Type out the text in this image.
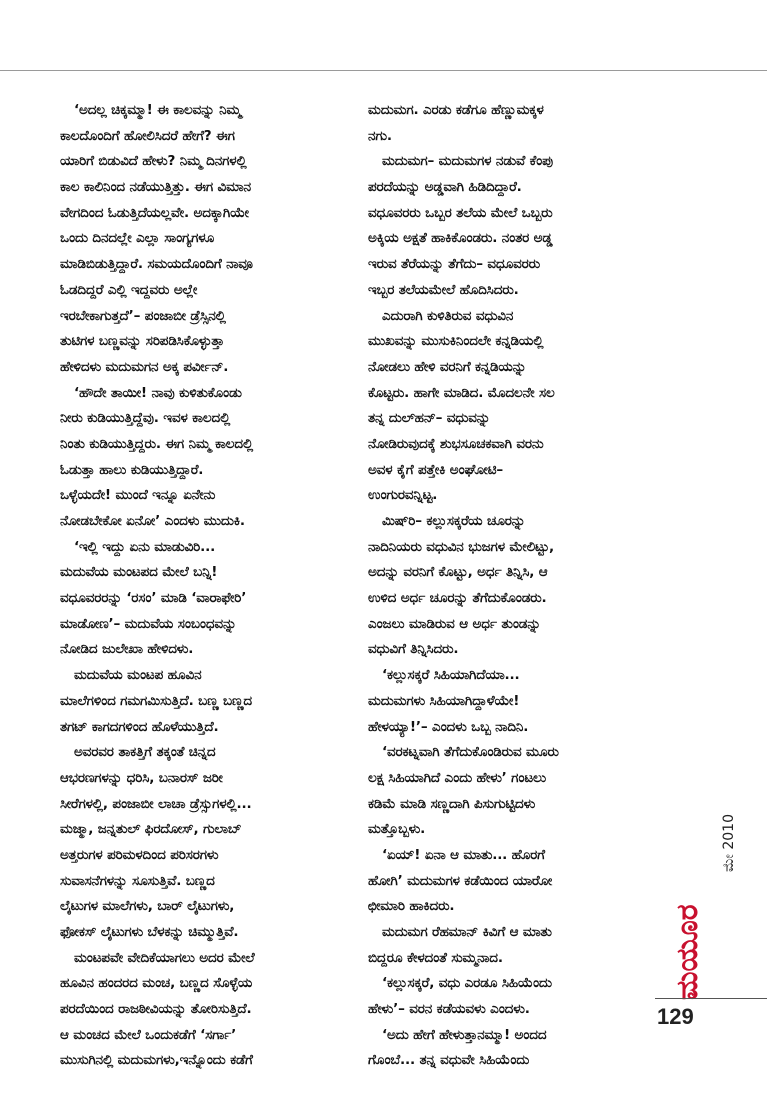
‘ಅದಲ್ಲ ಚಿಕ್ಕಮ್ಮಾ! ಈ ಕಾಲವನ್ನು ನಿಮ್ಮ
ಕಾಲದೊಂದಿಗೆ ಹೋಲಿಸಿದರೆ ಹೇಗೆ? ಈಗ
ಯಾರಿಗೆ ಬಿಡುವಿದೆ ಹೇಳು? ನಿಮ್ಮ ದಿನಗಳಲ್ಲಿ
ಕಾಲ ಕಾಲಿನಿಂದ ನಡೆಯುತ್ತಿತ್ತು. ಈಗ ವಿಮಾನ
ವೇಗದಿಂದ ಓಡುತ್ತಿದೆಯಲ್ಲವೇ. ಅದಕ್ಕಾಗಿಯೇ
ಒಂದು ದಿನದಲ್ಲೇ ಎಲ್ಲಾ ಸಾಂಗ್ಯಗಳೂ
ಮಾಡಿಬಿಡುತ್ತಿದ್ದಾರೆ. ಸಮಯದೊಂದಿಗೆ ನಾವೂ
ಓಡದಿದ್ದರೆ ಎಲ್ಲಿ ಇದ್ದವರು ಅಲ್ಲೇ
ಇರಬೇಕಾಗುತ್ತದೆ’– ಪಂಜಾಬೀ ಡ್ರೆಸ್ಸಿನಲ್ಲಿ
ತುಟಿಗಳ ಬಣ್ಣವನ್ನು ಸರಿಪಡಿಸಿಕೊಳ್ಳುತ್ತಾ
ಹೇಳಿದಳು ಮದುಮಗನ ಅಕ್ಕ ಪರ್ವೀನ್.
‘ಹೌದೇ ತಾಯೀ! ನಾವು ಕುಳಿತುಕೊಂಡು
ನೀರು ಕುಡಿಯುತ್ತಿದ್ದೆವು. ಇವಳ ಕಾಲದಲ್ಲಿ
ನಿಂತು ಕುಡಿಯುತ್ತಿದ್ದರು. ಈಗ ನಿಮ್ಮ ಕಾಲದಲ್ಲಿ
ಓಡುತ್ತಾ ಹಾಲು ಕುಡಿಯುತ್ತಿದ್ದಾರೆ.
ಒಳ್ಳೆಯದೇ! ಮುಂದೆ ಇನ್ನೂ ಏನೇನು
ನೋಡಬೇಕೋ ಏನೋ’ ಎಂದಳು ಮುದುಕಿ.
‘ಇಲ್ಲಿ ಇದ್ದು ಏನು ಮಾಡುವಿರಿ...
ಮದುವೆಯ ಮಂಟಪದ ಮೇಲೆ ಬನ್ನಿ!
ವಧೂವರರನ್ನು ‘ರಸಂ’ ಮಾಡಿ ‘ವಾರಾಫೇರಿ’
ಮಾಡೋಣ’– ಮದುವೆಯ ಸಂಬಂಧವನ್ನು
ನೋಡಿದ ಜುಲೇಖಾ ಹೇಳಿದಳು.
ಮದುವೆಯ ಮಂಟಪ ಹೂವಿನ
ಮಾಲೆಗಳಿಂದ ಗಮಗಮಿಸುತ್ತಿದೆ. ಬಣ್ಣ ಬಣ್ಣದ
ತಗಟ್ ಕಾಗದಗಳಿಂದ ಹೊಳೆಯುತ್ತಿದೆ.
ಅವರವರ ತಾಕತ್ತಿಗೆ ತಕ್ಕಂತೆ ಚಿನ್ನದ
ಆಭರಣಗಳನ್ನು ಧರಿಸಿ, ಬನಾರಸ್ ಜರೀ
ಸೀರೆಗಳಲ್ಲಿ, ಪಂಜಾಬೀ ಲಾಚಾ ಡ್ರೆಸ್ಸುಗಳಲ್ಲಿ...
ಮಜ್ಮಾ, ಜನ್ನತುಲ್ ಫಿರದೋಸ್, ಗುಲಾಬ್
ಅತ್ತರುಗಳ ಪರಿಮಳದಿಂದ ಪರಿಸರಗಳು
ಸುವಾಸನೆಗಳನ್ನು ಸೂಸುತ್ತಿವೆ. ಬಣ್ಣದ
ಲೈಟುಗಳ ಮಾಲೆಗಳು, ಬಾರ್ ಲೈಟುಗಳು,
ಫೋಕಸ್ ಲೈಟುಗಳು ಬೆಳಕನ್ನು ಚಿಮ್ಮುತ್ತಿವೆ.
ಮಂಟಪವೇ ವೇದಿಕೆಯಾಗಲು ಅದರ ಮೇಲೆ
ಹೂವಿನ ಹಂದರದ ಮಂಚ, ಬಣ್ಣದ ಸೊಳ್ಳೆಯ
ಪರದೆಯಿಂದ ರಾಜಠೀವಿಯನ್ನು ತೋರಿಸುತ್ತಿದೆ.
ಆ ಮಂಚದ ಮೇಲೆ ಒಂದುಕಡೆಗೆ ‘ಸರ್ಗಾ’
ಮುಸುಗಿನಲ್ಲಿ ಮದುಮಗಳು,ಇನ್ನೊಂದು ಕಡೆಗೆ
ಮದುಮಗ. ಎರಡು ಕಡೆಗೂ ಹೆಣ್ಣುಮಕ್ಕಳ
ನಗು.
ಮದುಮಗ– ಮದುಮಗಳ ನಡುವೆ ಕೆಂಪು
ಪರದೆಯನ್ನು ಅಡ್ಡವಾಗಿ ಹಿಡಿದಿದ್ದಾರೆ.
ವಧೂವರರು ಒಬ್ಬರ ತಲೆಯ ಮೇಲೆ ಒಬ್ಬರು
ಅಕ್ಕಿಯ ಅಕ್ಷತೆ ಹಾಕಿಕೊಂಡರು. ನಂತರ ಅಡ್ಡ
ಇರುವ ತೆರೆಯನ್ನು ತೆಗೆದು– ವಧೂವರರು
ಇಬ್ಬರ ತಲೆಯಮೇಲೆ ಹೊದಿಸಿದರು.
ಎದುರಾಗಿ ಕುಳಿತಿರುವ ವಧುವಿನ
ಮುಖವನ್ನು ಮುಸುಕಿನಿಂದಲೇ ಕನ್ನಡಿಯಲ್ಲಿ
ನೋಡಲು ಹೇಳಿ ವರನಿಗೆ ಕನ್ನಡಿಯನ್ನು
ಕೊಟ್ಟರು. ಹಾಗೇ ಮಾಡಿದ. ಮೊದಲನೇ ಸಲ
ತನ್ನ ದುಲ್‌ಹನ್– ವಧುವನ್ನು
ನೋಡಿರುವುದಕ್ಕೆ ಶುಭಸೂಚಕವಾಗಿ ವರನು
ಅವಳ ಕೈಗೆ ಪತ್ತೇಕಿ ಅಂಘೋಟಿ–
ಉಂಗುರವನ್ನಿಟ್ಟ.
ಮಿಷ್‌ರಿ– ಕಲ್ಲುಸಕ್ಕರೆಯ ಚೂರನ್ನು
ನಾದಿನಿಯರು ವಧುವಿನ ಭುಜಗಳ ಮೇಲಿಟ್ಟು,
ಅದನ್ನು ವರನಿಗೆ ಕೊಟ್ಟು, ಅರ್ಧ ತಿನ್ನಿಸಿ, ಆ
ಉಳಿದ ಅರ್ಧ ಚೂರನ್ನು ತೆಗೆದುಕೊಂಡರು.
ಎಂಜಲು ಮಾಡಿರುವ ಆ ಅರ್ಧ ತುಂಡನ್ನು
ವಧುವಿಗೆ ತಿನ್ನಿಸಿದರು.
‘ಕಲ್ಲುಸಕ್ಕರೆ ಸಿಹಿಯಾಗಿದೆಯಾ...
ಮದುಮಗಳು ಸಿಹಿಯಾಗಿದ್ದಾಳೆಯೇ!
ಹೇಳಯ್ಯಾ!’– ಎಂದಳು ಒಬ್ಬ ನಾದಿನಿ.
‘ವರಕಟ್ನವಾಗಿ ತೆಗೆದುಕೊಂಡಿರುವ ಮೂರು
ಲಕ್ಷ ಸಿಹಿಯಾಗಿದೆ ಎಂದು ಹೇಳು’ ಗಂಟಲು
ಕಡಿಮೆ ಮಾಡಿ ಸಣ್ಣದಾಗಿ ಪಿಸುಗುಟ್ಟಿದಳು
ಮತ್ತೊಬ್ಬಳು.
‘ಏಯ್! ಏನಾ ಆ ಮಾತು... ಹೊರಗೆ
ಹೋಗಿ’ ಮದುಮಗಳ ಕಡೆಯಿಂದ ಯಾರೋ
ಛೀಮಾರಿ ಹಾಕಿದರು.
ಮದುಮಗ ರೆಹಮಾನ್ ಕಿವಿಗೆ ಆ ಮಾತು
ಬಿದ್ದರೂ ಕೇಳದಂತೆ ಸುಮ್ಮನಾದ.
‘ಕಲ್ಲುಸಕ್ಕರೆ, ವಧು ಎರಡೂ ಸಿಹಿಯೆಂದು
ಹೇಳು’– ವರನ ಕಡೆಯವಳು ಎಂದಳು.
‘ಅದು ಹೇಗೆ ಹೇಳುತ್ತಾನಮ್ಮಾ! ಅಂದದ
ಗೊಂಬೆ... ತನ್ನ ವಧುವೇ ಸಿಹಿಯೆಂದು
ಮಯೂರ
ಮೇ 2010
129
